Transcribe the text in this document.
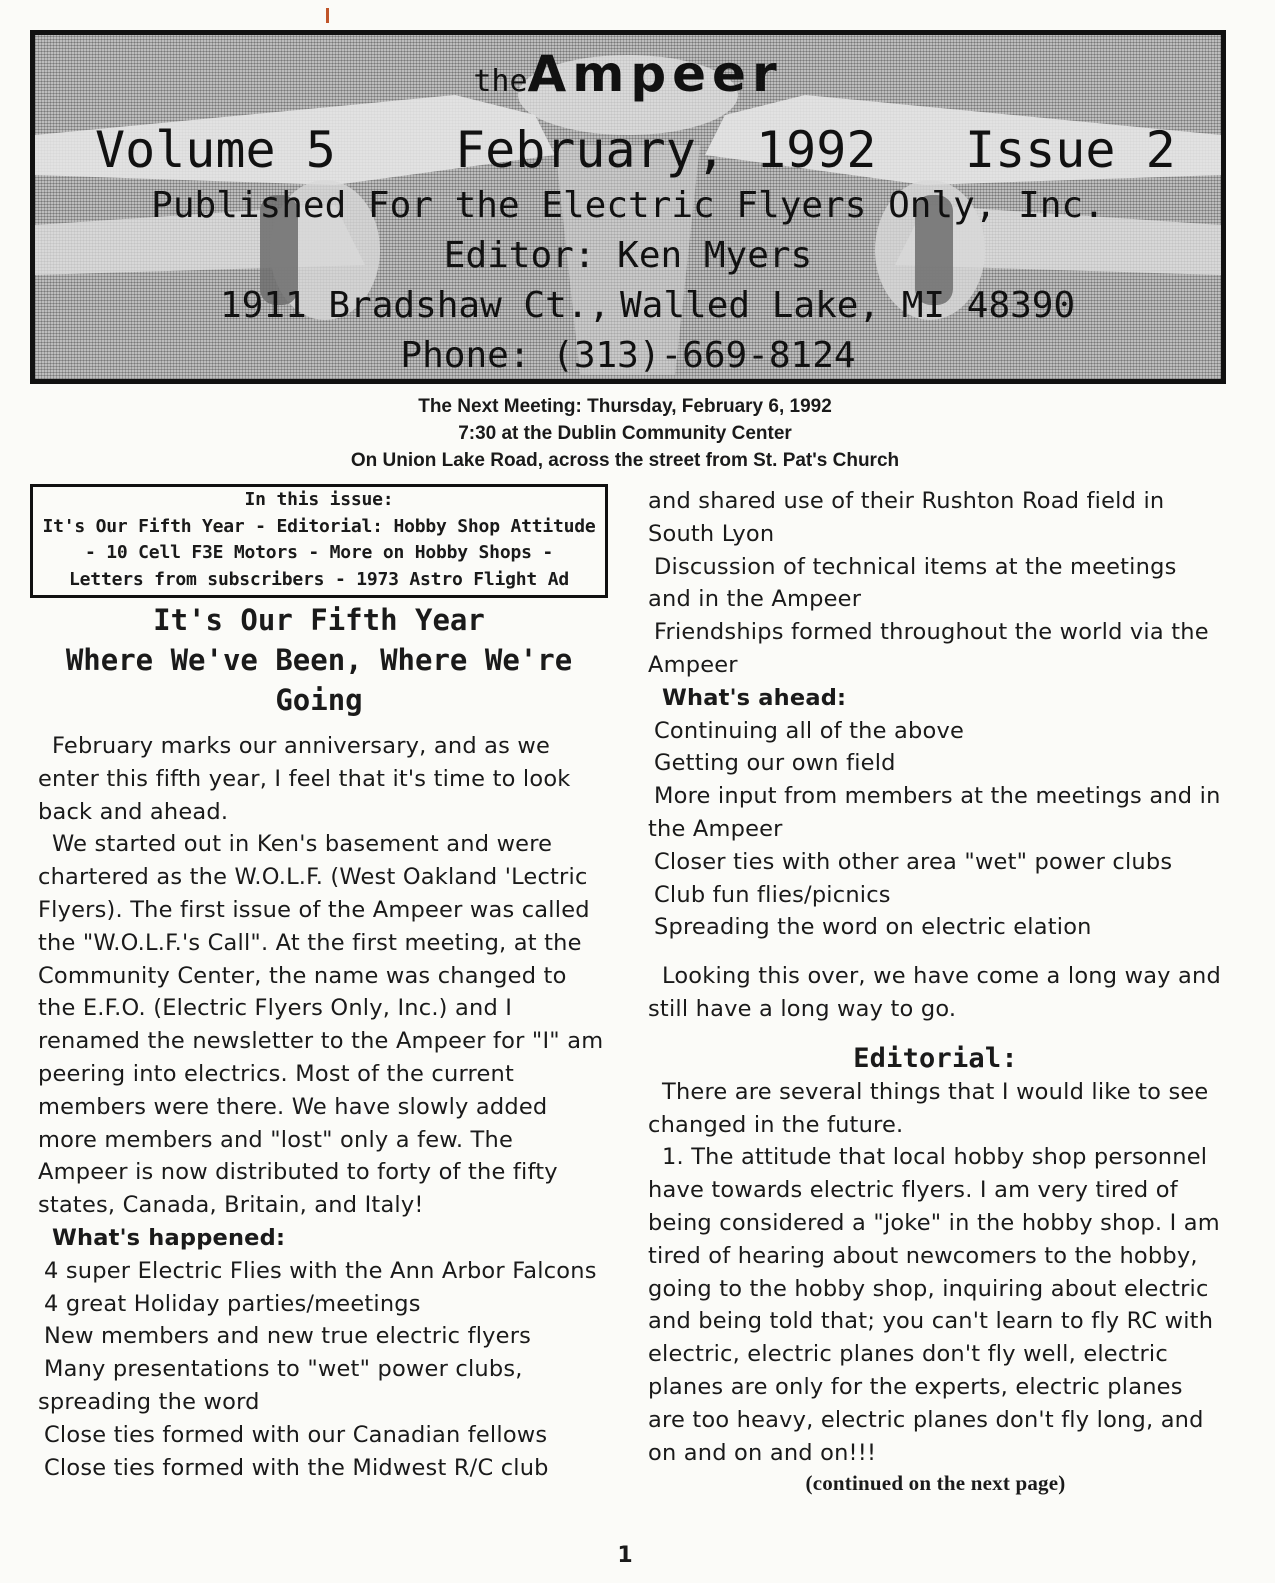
theAmpeer
Volume 5 February, 1992 Issue 2
Published For the Electric Flyers Only, Inc.
Editor: Ken Myers
1911 Bradshaw Ct., Walled Lake, MI 48390
Phone: (313)-669-8124
The Next Meeting: Thursday, February 6, 1992
7:30 at the Dublin Community Center
On Union Lake Road, across the street from St. Pat's Church
In this issue:
It's Our Fifth Year - Editorial: Hobby Shop Attitude
- 10 Cell F3E Motors - More on Hobby Shops -
Letters from subscribers - 1973 Astro Flight Ad
It's Our Fifth Year
Where We've Been, Where We're Going

February marks our anniversary, and as we enter this fifth year, I feel that it's time to look back and ahead.

We started out in Ken's basement and were chartered as the W.O.L.F. (West Oakland 'Lectric Flyers). The first issue of the Ampeer was called the "W.O.L.F.'s Call". At the first meeting, at the Community Center, the name was changed to the E.F.O. (Electric Flyers Only, Inc.) and I renamed the newsletter to the Ampeer for "I" am peering into electrics. Most of the current members were there. We have slowly added more members and "lost" only a few. The Ampeer is now distributed to forty of the fifty states, Canada, Britain, and Italy!

What's happened:

4 super Electric Flies with the Ann Arbor Falcons

4 great Holiday parties/meetings

New members and new true electric flyers

Many presentations to "wet" power clubs, spreading the word

Close ties formed with our Canadian fellows

Close ties formed with the Midwest R/C club

and shared use of their Rushton Road field in South Lyon

Discussion of technical items at the meetings and in the Ampeer

Friendships formed throughout the world via the Ampeer

What's ahead:

Continuing all of the above

Getting our own field

More input from members at the meetings and in the Ampeer

Closer ties with other area "wet" power clubs

Club fun flies/picnics

Spreading the word on electric elation

Looking this over, we have come a long way and still have a long way to go.

Editorial:

There are several things that I would like to see changed in the future.

1. The attitude that local hobby shop personnel have towards electric flyers. I am very tired of being considered a "joke" in the hobby shop. I am tired of hearing about newcomers to the hobby, going to the hobby shop, inquiring about electric and being told that; you can't learn to fly RC with electric, electric planes don't fly well, electric planes are only for the experts, electric planes are too heavy, electric planes don't fly long, and on and on and on!!!

(continued on the next page)

1
